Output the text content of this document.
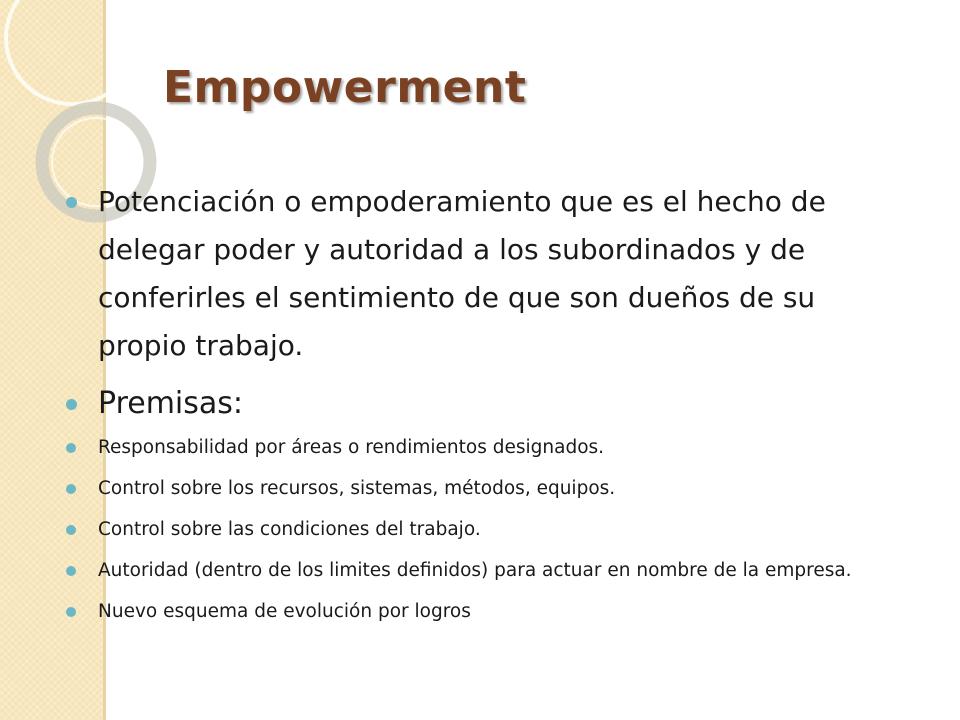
Empowerment
Potenciación o empoderamiento que es el hecho de delegar poder y autoridad a los subordinados y de conferirles el sentimiento de que son dueños de su propio trabajo.
Premisas:
Responsabilidad por áreas o rendimientos designados.
Control sobre los recursos, sistemas, métodos, equipos.
Control sobre las condiciones del trabajo.
Autoridad (dentro de los limites definidos) para actuar en nombre de la empresa.
Nuevo esquema de evolución por logros
